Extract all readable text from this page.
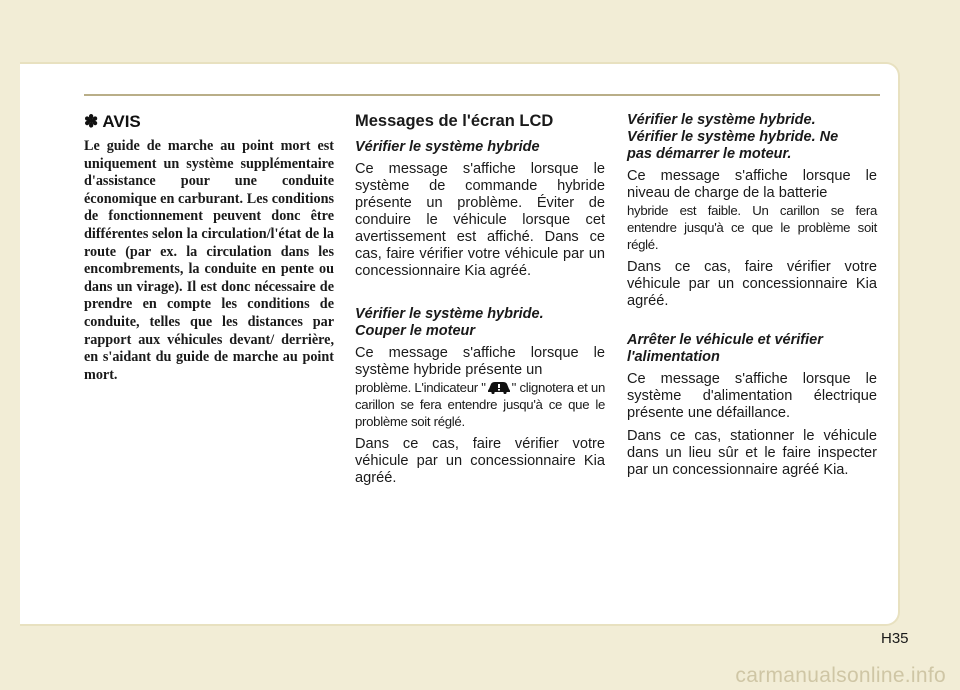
✽ AVIS

Le guide de marche au point mort est uniquement un système supplémentaire d'assistance pour une conduite économique en carburant. Les conditions de fonctionnement peuvent donc être différentes selon la circulation/l'état de la route (par ex. la circulation dans les encombrements, la conduite en pente ou dans un virage). Il est donc nécessaire de prendre en compte les conditions de conduite, telles que les distances par rapport aux véhicules devant/ derrière, en s'aidant du guide de marche au point mort.

Messages de l'écran LCD

Vérifier le système hybride

Ce message s'affiche lorsque le système de commande hybride présente un problème. Éviter de conduire le véhicule lorsque cet avertissement est affiché. Dans ce cas, faire vérifier votre véhicule par un concessionnaire Kia agréé.

Vérifier le système hybride.
Couper le moteur

Ce message s'affiche lorsque le système hybride présente un

problème. L'indicateur " " clignotera et un carillon se fera entendre jusqu'à ce que le problème soit réglé.

Dans ce cas, faire vérifier votre véhicule par un concessionnaire Kia agréé.

Vérifier le système hybride.
Vérifier le système hybride. Ne
pas démarrer le moteur.

Ce message s'affiche lorsque le niveau de charge de la batterie

hybride est faible. Un carillon se fera entendre jusqu'à ce que le problème soit réglé.

Dans ce cas, faire vérifier votre véhicule par un concessionnaire Kia agréé.

Arrêter le véhicule et vérifier
l'alimentation

Ce message s'affiche lorsque le système d'alimentation électrique présente une défaillance.

Dans ce cas, stationner le véhicule dans un lieu sûr et le faire inspecter par un concessionnaire agréé Kia.

H35
carmanualsonline.info
